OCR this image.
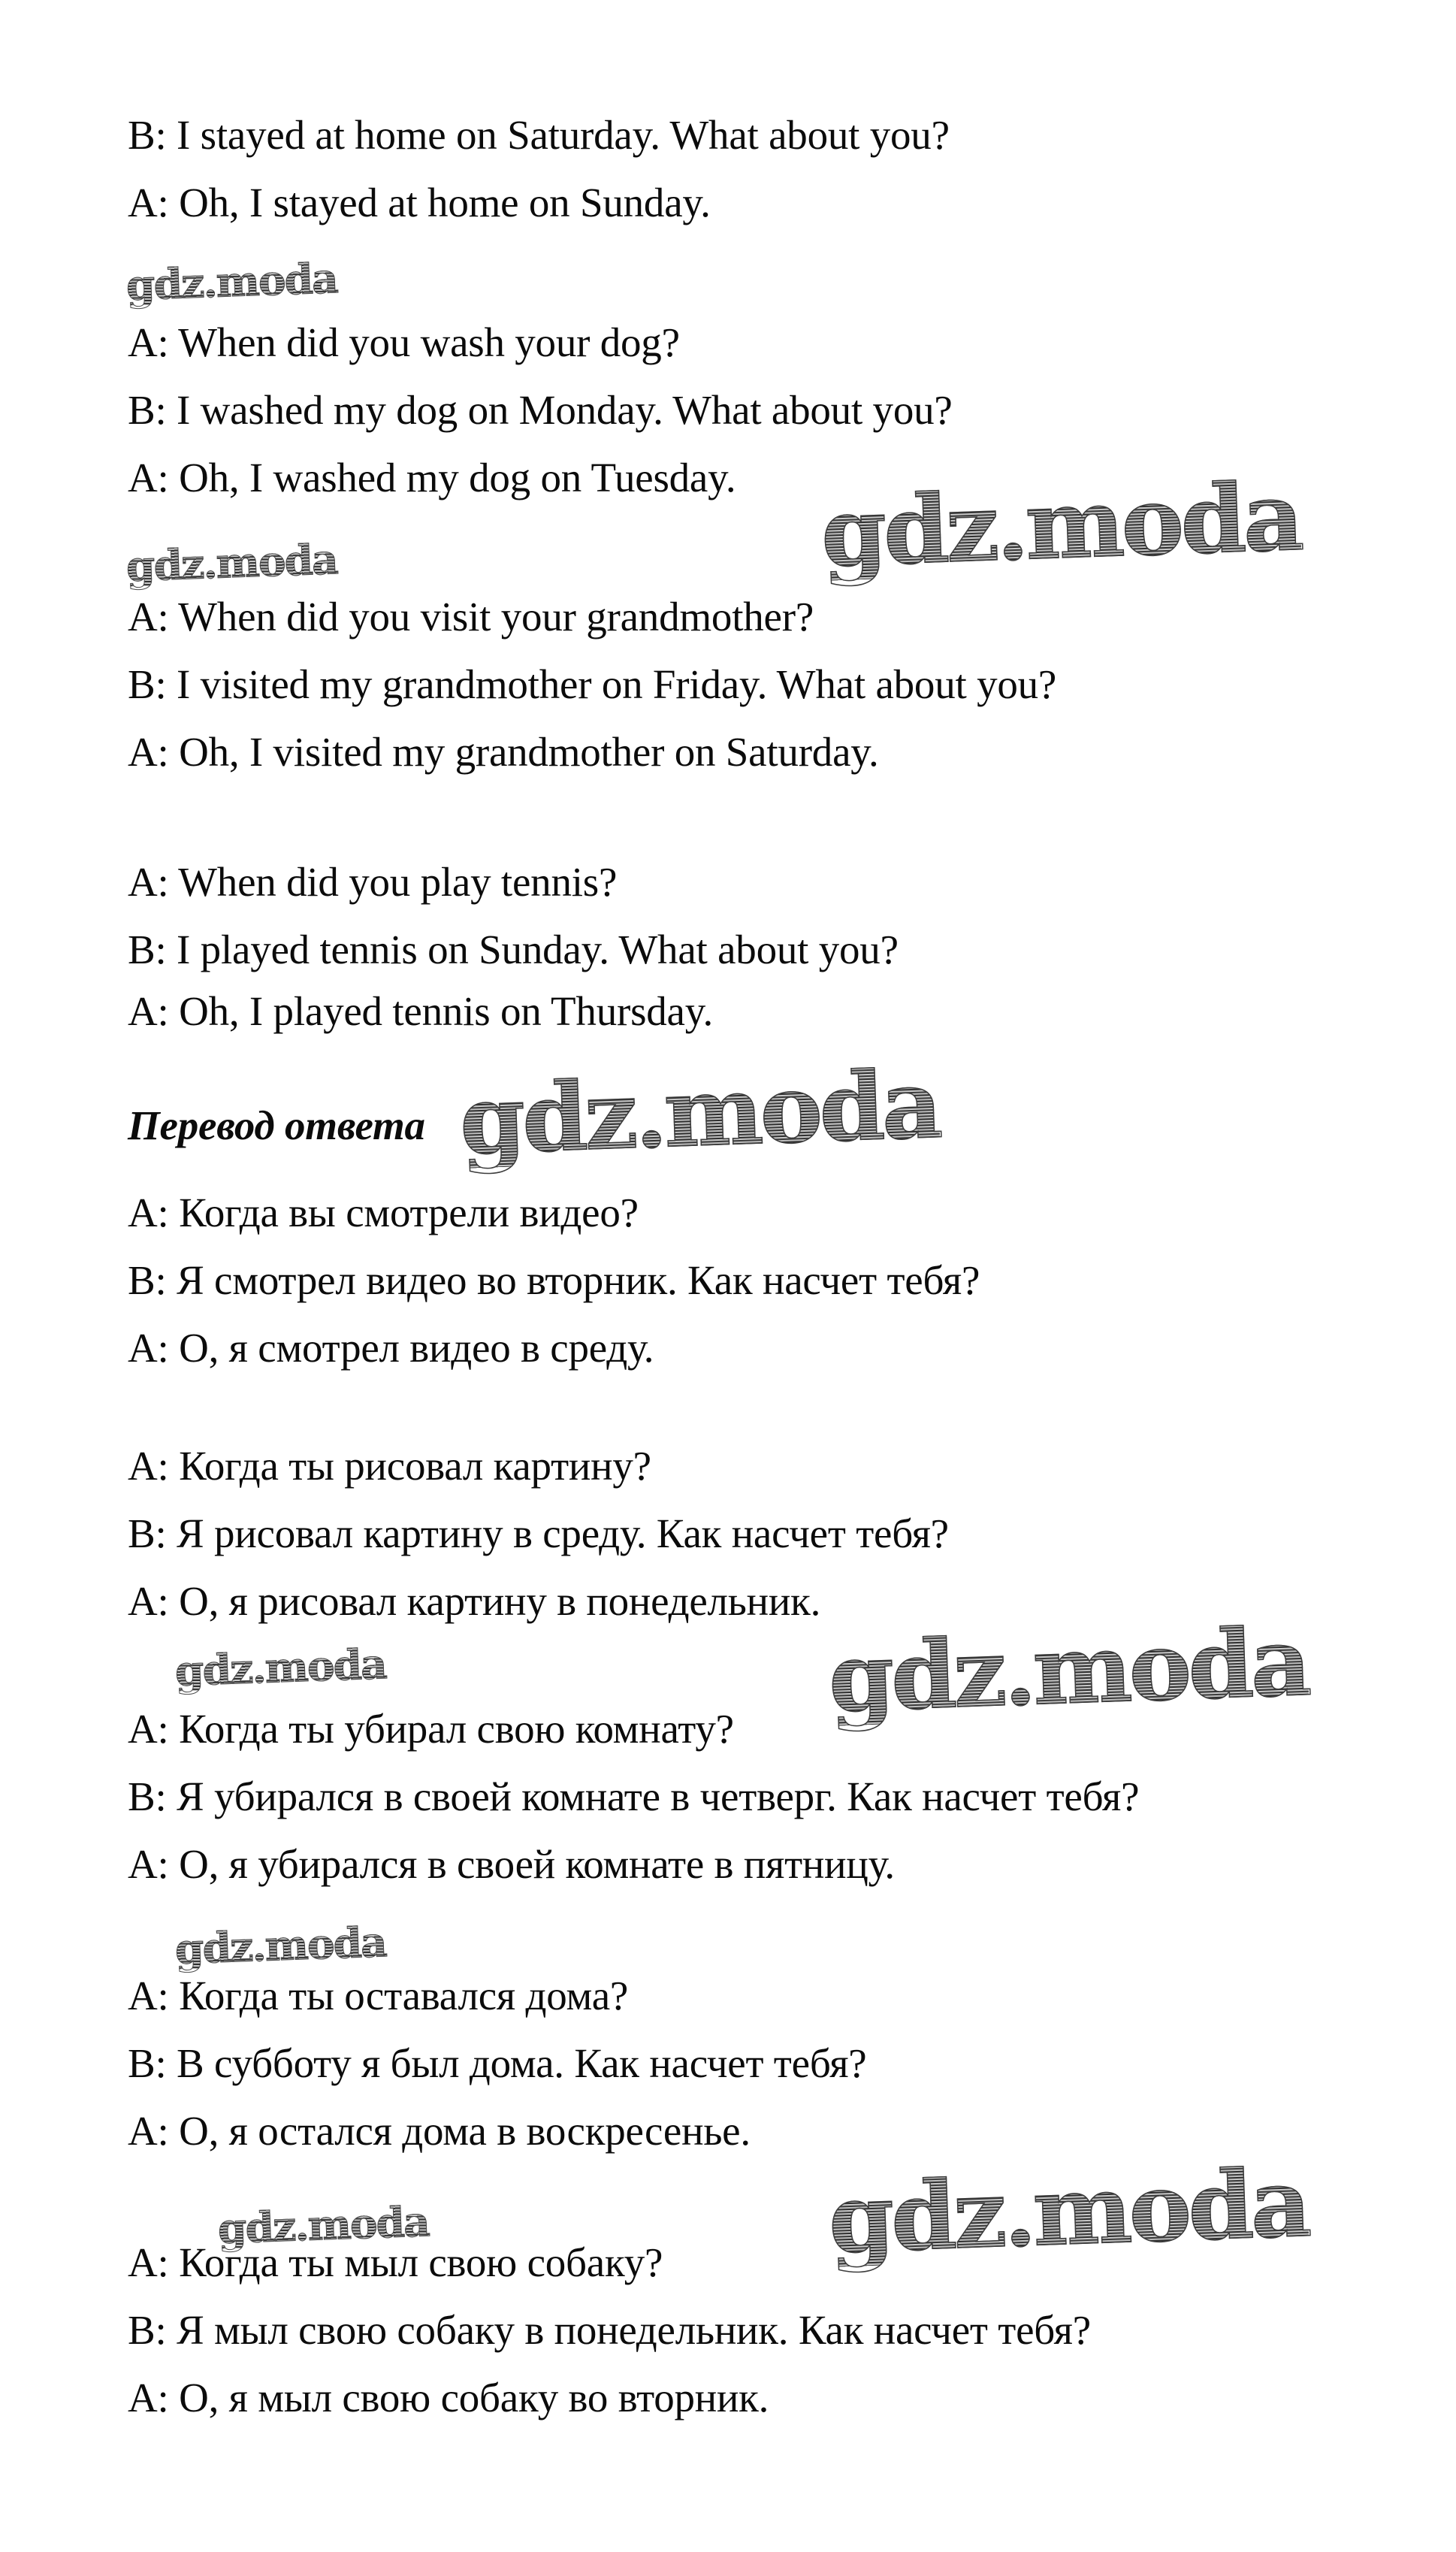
B: I stayed at home on Saturday. What about you?
A: Oh, I stayed at home on Sunday.
gdz.moda
A: When did you wash your dog?
B: I washed my dog on Monday. What about you?
A: Oh, I washed my dog on Tuesday. gdz.moda
gdz.moda
A: When did you visit your grandmother?
B: I visited my grandmother on Friday. What about you?
A: Oh, I visited my grandmother on Saturday.
A: When did you play tennis?
B: I played tennis on Sunday. What about you?
A: Oh, I played tennis on Thursday.
Перевод ответа gdz.moda
A: Когда вы смотрели видео?
B: Я смотрел видео во вторник. Как насчет тебя?
A: О, я смотрел видео в среду.
A: Когда ты рисовал картину?
B: Я рисовал картину в среду. Как насчет тебя?
A: О, я рисовал картину в понедельник.
gdz.moda
gdz.moda
A: Когда ты убирал свою комнату?
B: Я убирался в своей комнате в четверг. Как насчет тебя?
A: О, я убирался в своей комнате в пятницу.
gdz.moda
A: Когда ты оставался дома?
B: В субботу я был дома. Как насчет тебя?
A: О, я остался дома в воскресенье.
gdz.moda
gdz.moda
A: Когда ты мыл свою собаку?
B: Я мыл свою собаку в понедельник. Как насчет тебя?
A: О, я мыл свою собаку во вторник.
